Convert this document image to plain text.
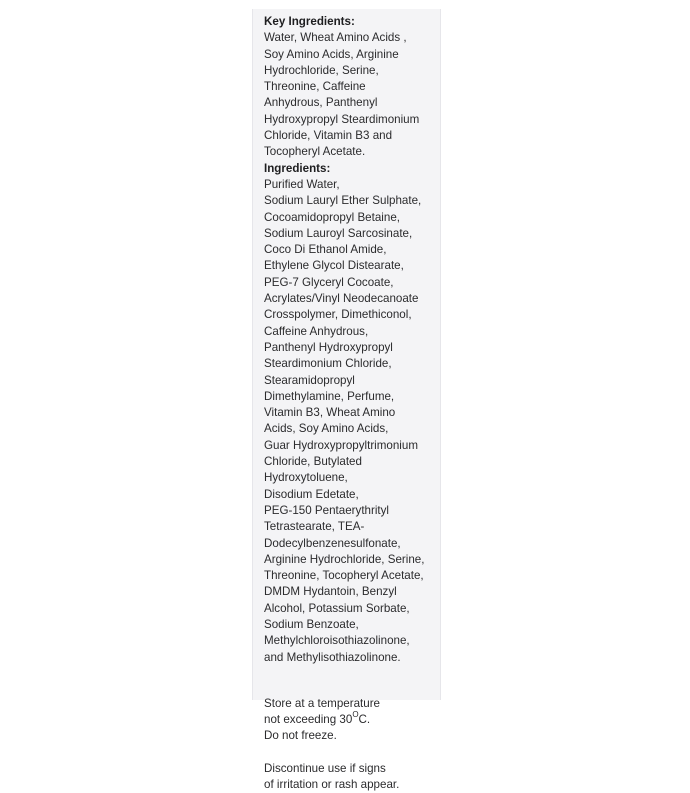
Key Ingredients:

Water, Wheat Amino Acids ,

Soy Amino Acids, Arginine

Hydrochloride, Serine,

Threonine, Caffeine

Anhydrous, Panthenyl

Hydroxypropyl Steardimonium

Chloride, Vitamin B3 and

Tocopheryl Acetate.

Ingredients:

Purified Water,

Sodium Lauryl Ether Sulphate,

Cocoamidopropyl Betaine,

Sodium Lauroyl Sarcosinate,

Coco Di Ethanol Amide,

Ethylene Glycol Distearate,

PEG-7 Glyceryl Cocoate,

Acrylates/Vinyl Neodecanoate

Crosspolymer, Dimethiconol,

Caffeine Anhydrous,

Panthenyl Hydroxypropyl

Steardimonium Chloride,

Stearamidopropyl

Dimethylamine, Perfume,

Vitamin B3, Wheat Amino

Acids, Soy Amino Acids,

Guar Hydroxypropyltrimonium

Chloride, Butylated

Hydroxytoluene,

Disodium Edetate,

PEG-150 Pentaerythrityl

Tetrastearate, TEA-

Dodecylbenzenesulfonate,

Arginine Hydrochloride, Serine,

Threonine, Tocopheryl Acetate,

DMDM Hydantoin, Benzyl

Alcohol, Potassium Sorbate,

Sodium Benzoate,

Methylchloroisothiazolinone,

and Methylisothiazolinone.

Store at a temperature

not exceeding $30^OC$.

Do not freeze.

Discontinue use if signs

of irritation or rash appear.
